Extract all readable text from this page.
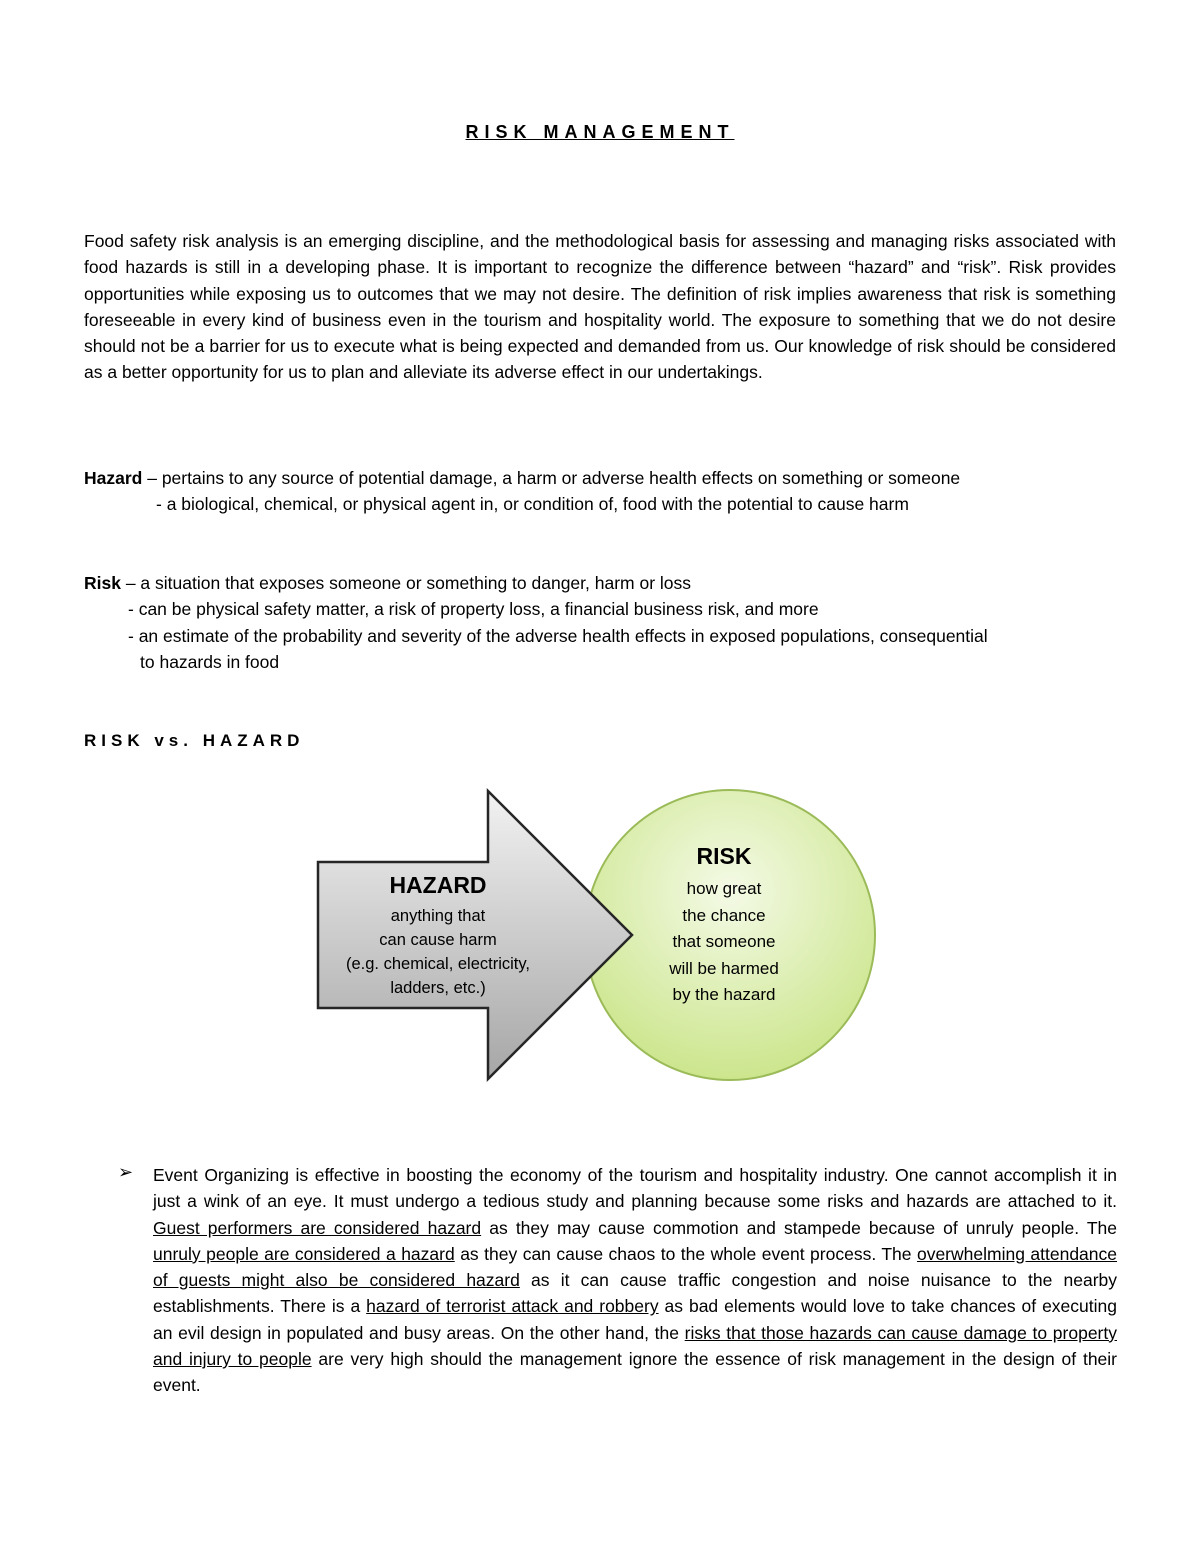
RISK MANAGEMENT
Food safety risk analysis is an emerging discipline, and the methodological basis for assessing and managing risks associated with food hazards is still in a developing phase. It is important to recognize the difference between “hazard” and “risk”. Risk provides opportunities while exposing us to outcomes that we may not desire. The definition of risk implies awareness that risk is something foreseeable in every kind of business even in the tourism and hospitality world. The exposure to something that we do not desire should not be a barrier for us to execute what is being expected and demanded from us. Our knowledge of risk should be considered as a better opportunity for us to plan and alleviate its adverse effect in our undertakings.
Hazard – pertains to any source of potential damage, a harm or adverse health effects on something or someone
- a biological, chemical, or physical agent in, or condition of, food with the potential to cause harm
Risk – a situation that exposes someone or something to danger, harm or loss
- can be physical safety matter, a risk of property loss, a financial business risk, and more
- an estimate of the probability and severity of the adverse health effects in exposed populations, consequential
to hazards in food
RISK vs. HAZARD
HAZARD
anything that
can cause harm
(e.g. chemical, electricity,
ladders, etc.)
RISK
how great
the chance
that someone
will be harmed
by the hazard
➢ Event Organizing is effective in boosting the economy of the tourism and hospitality industry. One cannot accomplish it in just a wink of an eye. It must undergo a tedious study and planning because some risks and hazards are attached to it. Guest performers are considered hazard as they may cause commotion and stampede because of unruly people. The unruly people are considered a hazard as they can cause chaos to the whole event process. The overwhelming attendance of guests might also be considered hazard as it can cause traffic congestion and noise nuisance to the nearby establishments. There is a hazard of terrorist attack and robbery as bad elements would love to take chances of executing an evil design in populated and busy areas. On the other hand, the risks that those hazards can cause damage to property and injury to people are very high should the management ignore the essence of risk management in the design of their event.
